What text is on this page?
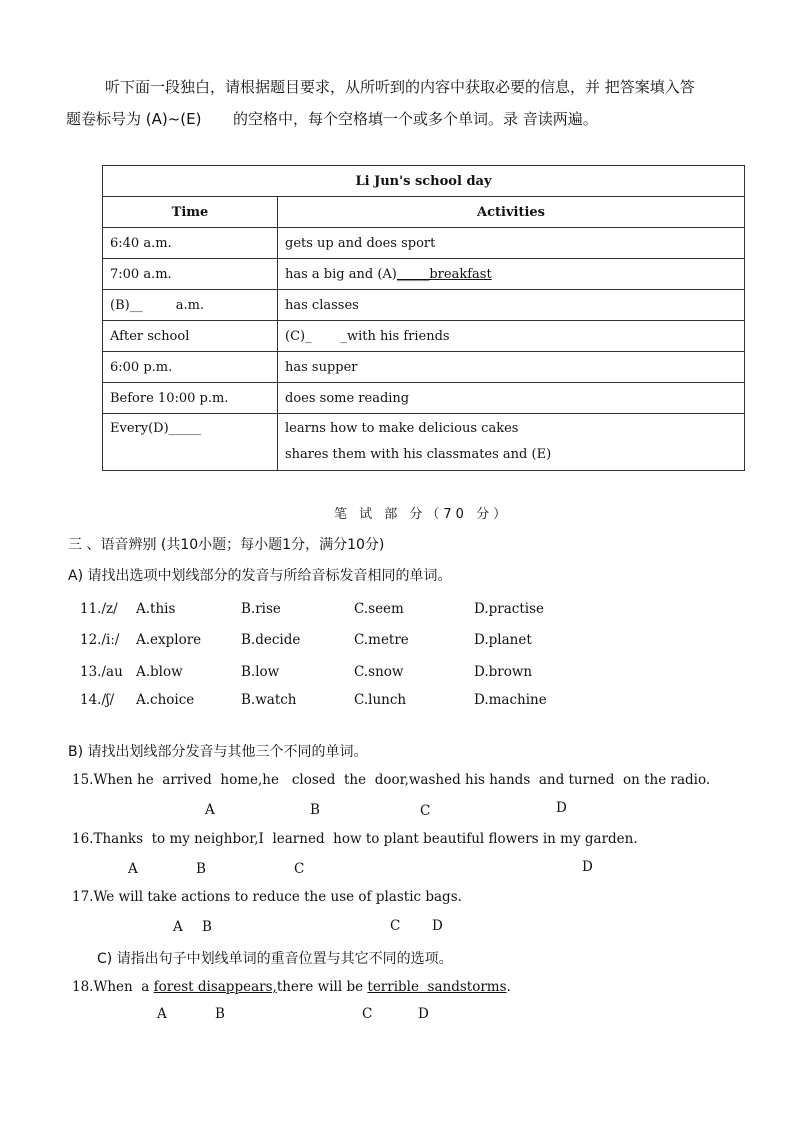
听下面一段独白，请根据题目要求，从所听到的内容中获取必要的信息，并 把答案填入答
题卷标号为 (A)~(E) 的空格中，每个空格填一个或多个单词。录 音读两遍。
Li Jun's school day	
Time	Activities
6:40 a.m.	gets up and does sport
7:00 a.m.	has a big and (A)_____breakfast
(B)__        a.m.	has classes
After school	(C)_       _with his friends
6:00 p.m.	has supper
Before 10:00 p.m.	does some reading
Every(D)_____	learns how to make delicious cakes
shares them with his classmates and (E)
笔 试 部 分（70 分）
三 、语音辨别 (共10小题；每小题1分，满分10分)
A) 请找出选项中划线部分的发音与所给音标发音相同的单词。
11./z/ A.this	B.rise	C.seem	D.practise
12./iː/ A.explore	B.decide	C.metre	D.planet
13./au A.blow	B.low	C.snow	D.brown
14./ʃ/ A.choice	B.watch	C.lunch	D.machine
B) 请找出划线部分发音与其他三个不同的单词。
15.When he  arrived  home,he   closed  the  door,washed his hands  and turned  on the radio.
A	B	C	D
16.Thanks  to my neighbor,I  learned  how to plant beautiful flowers in my garden.
A	B	C	D
17.We will take actions to reduce the use of plastic bags.
A B	C D
C) 请指出句子中划线单词的重音位置与其它不同的选项。
18.When  a forest disappears,there will be terrible  sandstorms.
A	B	C	D
